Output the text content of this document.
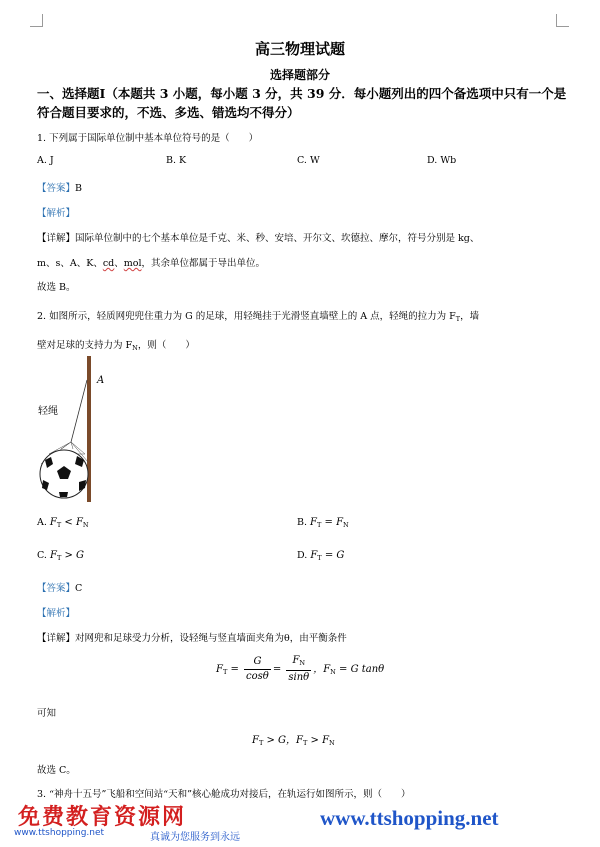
高三物理试题
选择题部分
一、选择题Ⅰ（本题共 3 小题，每小题 3 分，共 39 分．每小题列出的四个备选项中只有一个是符合题目要求的，不选、多选、错选均不得分）
1. 下列属于国际单位制中基本单位符号的是（　　）
A. J	B. K	C. W	D. Wb
【答案】B
【解析】
【详解】国际单位制中的七个基本单位是千克、米、秒、安培、开尔文、坎德拉、摩尔，符号分别是 kg、
m、s、A、K、cd、mol，其余单位都属于导出单位。
故选 B。
2. 如图所示，轻质网兜兜住重力为 G 的足球，用轻绳挂于光滑竖直墙壁上的 A 点，轻绳的拉力为 $F_T$，墙
壁对足球的支持力为 $F_N$，则（　　）
轻绳
A
A. $F_T < F_N$	B. $F_T = F_N$
C. $F_T > G$	D. $F_T = G$
【答案】C
【解析】
【详解】对网兜和足球受力分析，设轻绳与竖直墙面夹角为θ，由平衡条件
$F_T = \frac{G}{\cos\theta} = \frac{F_N}{\sin\theta}$ ，$F_N = G$ tanθ
可知
$F_T > G$，$F_T > F_N$
故选 C。
3. “神舟十五号”飞船和空间站“天和”核心舱成功对接后，在轨运行如图所示，则（　　）
免费教育资源网
www.ttshopping.net	真诚为您服务到永远
www.ttshopping.net
